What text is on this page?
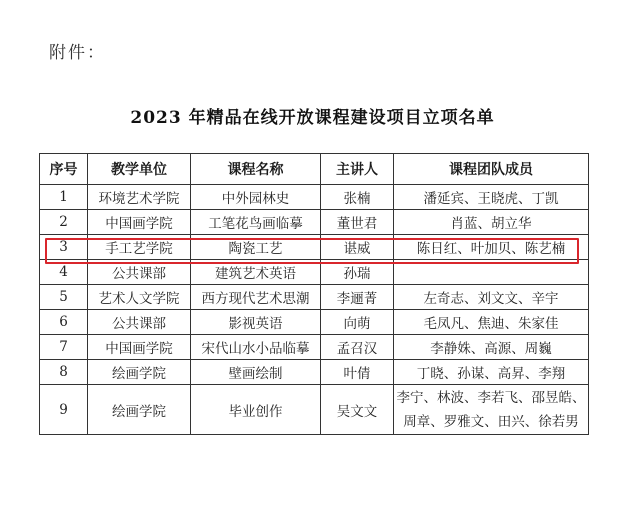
附件：
2023 年精品在线开放课程建设项目立项名单
序号	教学单位	课程名称	主讲人	课程团队成员
1	环境艺术学院	中外园林史	张楠	潘延宾、王晓虎、丁凯
2	中国画学院	工笔花鸟画临摹	董世君	肖蓝、胡立华
3	手工艺学院	陶瓷工艺	谌威	陈日红、叶加贝、陈艺楠
4	公共课部	建筑艺术英语	孙瑞	
5	艺术人文学院	西方现代艺术思潮	李逦菁	左奇志、刘文文、辛宇
6	公共课部	影视英语	向萌	毛凤凡、焦迪、朱家佳
7	中国画学院	宋代山水小品临摹	孟召汉	李静姝、高源、周巍
8	绘画学院	壁画绘制	叶倩	丁晓、孙谋、高昇、李翔
9	绘画学院	毕业创作	吴文文	李宁、林波、李若飞、邵昱皓、周章、罗雅文、田兴、徐若男
